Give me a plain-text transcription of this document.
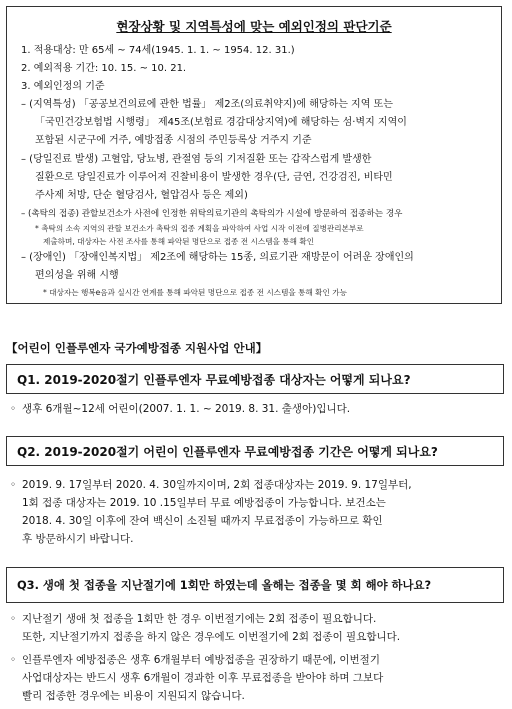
현장상황 및 지역특성에 맞는 예외인정의 판단기준
1. 적용대상: 만 65세 ~ 74세(1945. 1. 1. ~ 1954. 12. 31.)
2. 예외적용 기간: 10. 15. ~ 10. 21.
3. 예외인정의 기준
– (지역특성) 「공공보건의료에 관한 법률」 제2조(의료취약지)에 해당하는 지역 또는
「국민건강보험법 시행령」 제45조(보험료 경감대상지역)에 해당하는 섬·벽지 지역이
포함된 시군구에 거주, 예방접종 시점의 주민등록상 거주지 기준
– (당일진료 발생) 고혈압, 당뇨병, 관절염 등의 기저질환 또는 갑작스럽게 발생한
질환으로 당일진료가 이루어져 진찰비용이 발생한 경우(단, 금연, 건강검진, 비타민
주사제 처방, 단순 혈당검사, 혈압검사 등은 제외)
– (촉탁의 접종) 관할보건소가 사전에 인정한 위탁의료기관의 촉탁의가 시설에 방문하여 접종하는 경우
* 촉탁의 소속 지역의 관할 보건소가 촉탁의 접종 계획을 파악하여 사업 시작 이전에 질병관리본부로
제출하며, 대상자는 사전 조사를 통해 파악된 명단으로 접종 전 시스템을 통해 확인
– (장애인) 「장애인복지법」 제2조에 해당하는 15종, 의료기관 재방문이 어려운 장애인의
편의성을 위해 시행
* 대상자는 행복e음과 실시간 연계를 통해 파악된 명단으로 접종 전 시스템을 통해 확인 가능
【어린이 인플루엔자 국가예방접종 지원사업 안내】
Q1. 2019-2020절기 인플루엔자 무료예방접종 대상자는 어떻게 되나요?
◦ 생후 6개월~12세 어린이(2007. 1. 1. ~ 2019. 8. 31. 출생아)입니다.
Q2. 2019-2020절기 어린이 인플루엔자 무료예방접종 기간은 어떻게 되나요?
◦ 2019. 9. 17일부터 2020. 4. 30일까지이며, 2회 접종대상자는 2019. 9. 17일부터,
1회 접종 대상자는 2019. 10 .15일부터 무료 예방접종이 가능합니다. 보건소는
2018. 4. 30일 이후에 잔여 백신이 소진될 때까지 무료접종이 가능하므로 확인
후 방문하시기 바랍니다.
Q3. 생애 첫 접종을 지난절기에 1회만 하였는데 올해는 접종을 몇 회 해야 하나요?
◦ 지난절기 생애 첫 접종을 1회만 한 경우 이번절기에는 2회 접종이 필요합니다.
또한, 지난절기까지 접종을 하지 않은 경우에도 이번절기에 2회 접종이 필요합니다.
◦ 인플루엔자 예방접종은 생후 6개월부터 예방접종을 권장하기 때문에, 이번절기
사업대상자는 반드시 생후 6개월이 경과한 이후 무료접종을 받아야 하며 그보다
빨리 접종한 경우에는 비용이 지원되지 않습니다.
